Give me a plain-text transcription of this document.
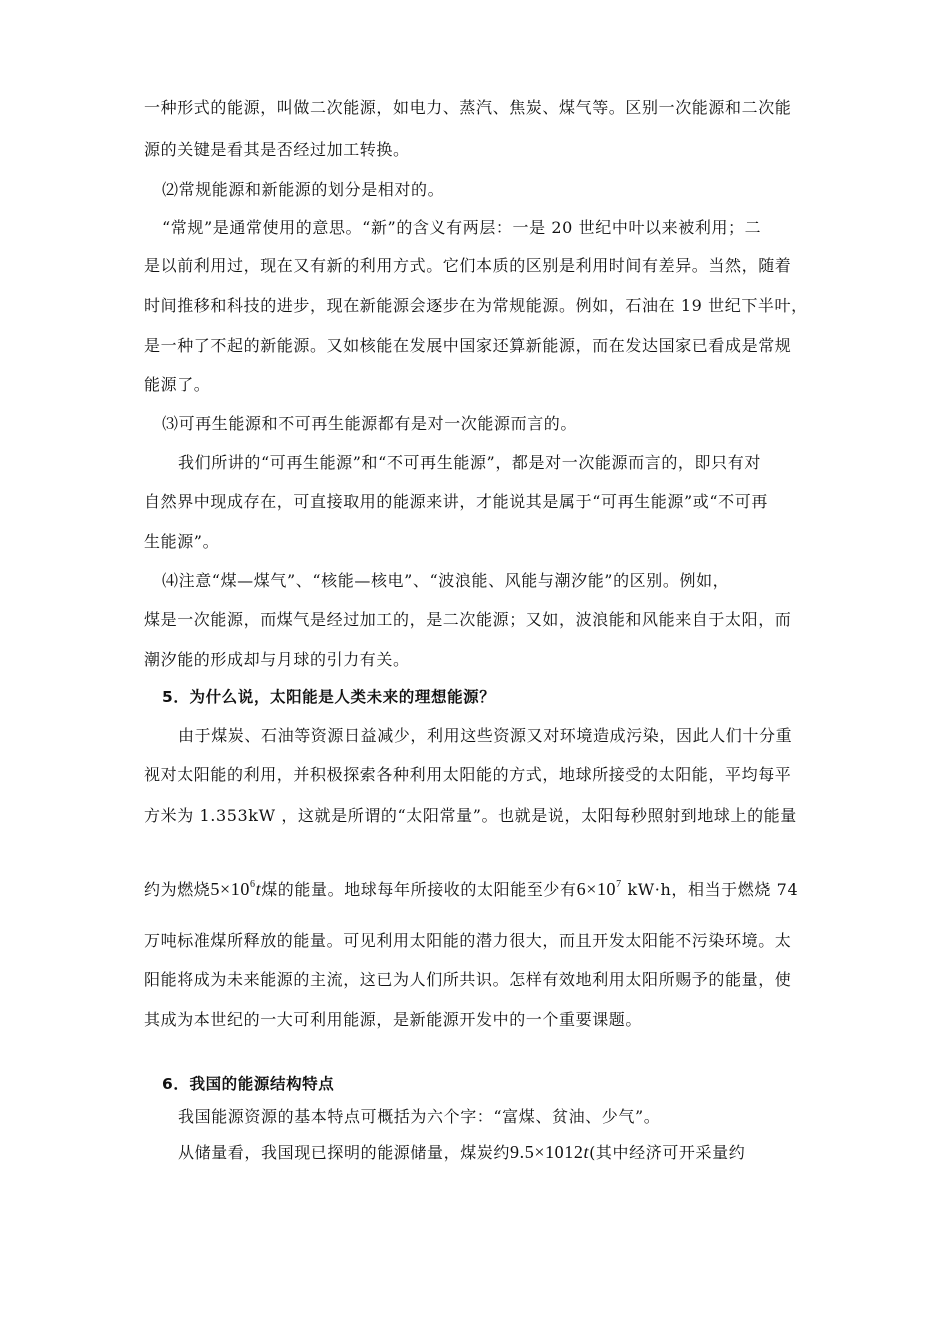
一种形式的能源，叫做二次能源，如电力、蒸汽、焦炭、煤气等。区别一次能源和二次能
源的关键是看其是否经过加工转换。
⑵常规能源和新能源的划分是相对的。
“常规”是通常使用的意思。“新”的含义有两层：一是 20 世纪中叶以来被利用；二
是以前利用过，现在又有新的利用方式。它们本质的区别是利用时间有差异。当然，随着
时间推移和科技的进步，现在新能源会逐步在为常规能源。例如，石油在 19 世纪下半叶，
是一种了不起的新能源。又如核能在发展中国家还算新能源，而在发达国家已看成是常规
能源了。
⑶可再生能源和不可再生能源都有是对一次能源而言的。
我们所讲的“可再生能源”和“不可再生能源”，都是对一次能源而言的，即只有对
自然界中现成存在，可直接取用的能源来讲，才能说其是属于“可再生能源”或“不可再
生能源”。
⑷注意“煤—煤气”、“核能—核电”、“波浪能、风能与潮汐能”的区别。例如，
煤是一次能源，而煤气是经过加工的，是二次能源；又如，波浪能和风能来自于太阳，而
潮汐能的形成却与月球的引力有关。
5．为什么说，太阳能是人类未来的理想能源？
由于煤炭、石油等资源日益减少，利用这些资源又对环境造成污染，因此人们十分重
视对太阳能的利用，并积极探索各种利用太阳能的方式，地球所接受的太阳能，平均每平
方米为 1.353kW ，这就是所谓的“太阳常量”。也就是说，太阳每秒照射到地球上的能量
约为燃烧$5\times 10^6t$煤的能量。地球每年所接收的太阳能至少有$6\times 10^7$ kW·h，相当于燃烧 74
万吨标准煤所释放的能量。可见利用太阳能的潜力很大，而且开发太阳能不污染环境。太
阳能将成为未来能源的主流，这已为人们所共识。怎样有效地利用太阳所赐予的能量，使
其成为本世纪的一大可利用能源，是新能源开发中的一个重要课题。
6．我国的能源结构特点
我国能源资源的基本特点可概括为六个字：“富煤、贫油、少气”。
从储量看，我国现已探明的能源储量，煤炭约9.5×1012t(其中经济可开采量约
